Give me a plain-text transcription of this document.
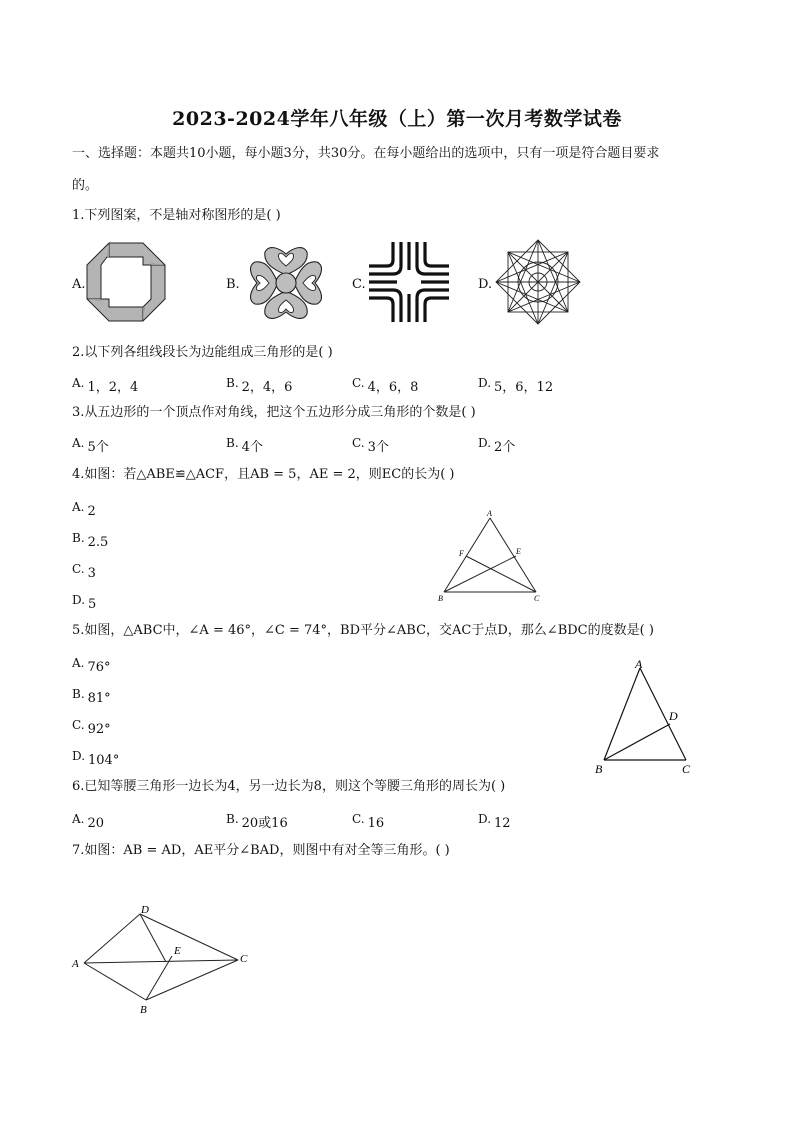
2023-2024学年八年级（上）第一次月考数学试卷
一、选择题：本题共10小题，每小题3分，共30分。在每小题给出的选项中，只有一项是符合题目要求
的。
1.下列图案，不是轴对称图形的是( )
A.	B.	C.	D.
2.以下列各组线段长为边能组成三角形的是( )
A. 1，2，4	B. 2，4，6	C. 4，6，8	D. 5，6，12
3.从五边形的一个顶点作对角线，把这个五边形分成三角形的个数是( )
A. 5个	B. 4个	C. 3个	D. 2个
4.如图：若△ABE≌△ACF，且AB = 5，AE = 2，则EC的长为( )
A. 2
B. 2.5
C. 3
D. 5
A
B	C
E
F
5.如图，△ABC中，∠A = 46°，∠C = 74°，BD平分∠ABC，交AC于点D，那么∠BDC的度数是( )
A. 76°
B. 81°
C. 92°
D. 104°
A
B	C
D
6.已知等腰三角形一边长为4，另一边长为8，则这个等腰三角形的周长为( )
A. 20	B. 20或16	C. 16	D. 12
7.如图：AB = AD，AE平分∠BAD，则图中有对全等三角形。( )
D
A
B
C
E
